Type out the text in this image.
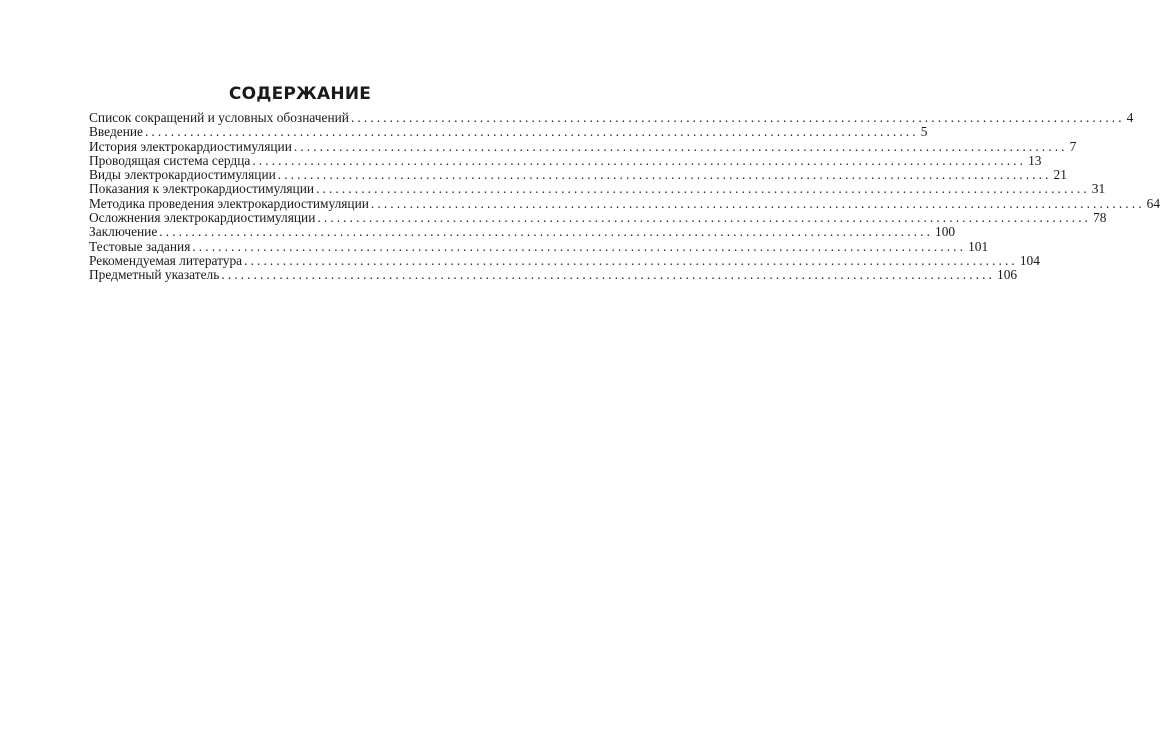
СОДЕРЖАНИЕ
Список сокращений и условных обозначений ........................................................................................................................ 4
Введение ........................................................................................................................ 5
История электрокардиостимуляции ........................................................................................................................ 7
Проводящая система сердца ........................................................................................................................ 13
Виды электрокардиостимуляции ........................................................................................................................ 21
Показания к электрокардиостимуляции ........................................................................................................................ 31
Методика проведения электрокардиостимуляции ........................................................................................................................ 64
Осложнения электрокардиостимуляции ........................................................................................................................ 78
Заключение ........................................................................................................................ 100
Тестовые задания ........................................................................................................................ 101
Рекомендуемая литература ........................................................................................................................ 104
Предметный указатель ........................................................................................................................ 106
